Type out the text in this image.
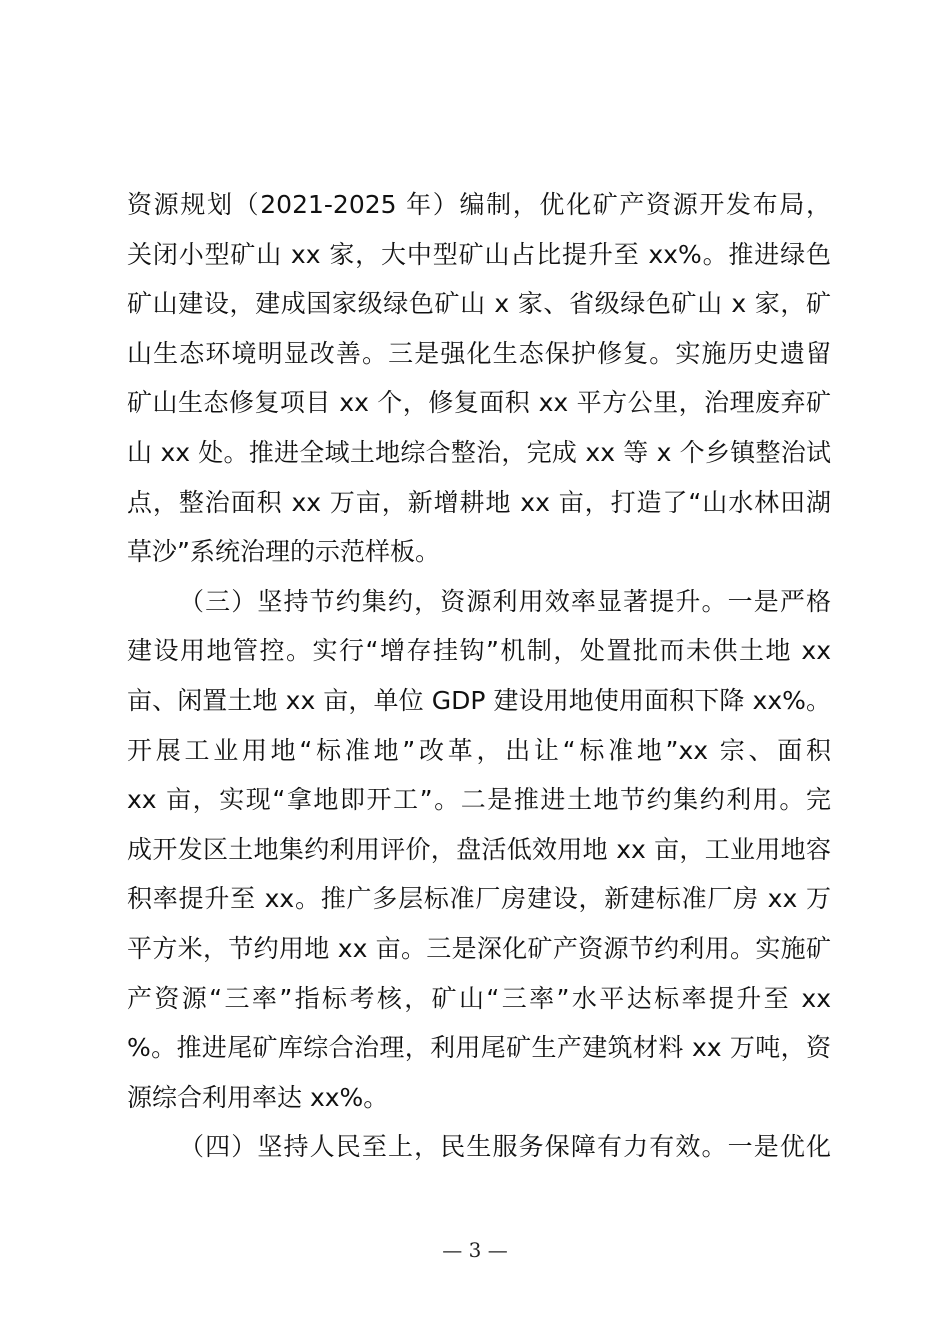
资源规划（2021-2025 年）编制，优化矿产资源开发布局，
关闭小型矿山 xx 家，大中型矿山占比提升至 xx%。推进绿色
矿山建设，建成国家级绿色矿山 x 家、省级绿色矿山 x 家，矿
山生态环境明显改善。三是强化生态保护修复。实施历史遗留
矿山生态修复项目 xx 个，修复面积 xx 平方公里，治理废弃矿
山 xx 处。推进全域土地综合整治，完成 xx 等 x 个乡镇整治试
点，整治面积 xx 万亩，新增耕地 xx 亩，打造了“山水林田湖
草沙”系统治理的示范样板。
（三）坚持节约集约，资源利用效率显著提升。一是严格
建设用地管控。实行“增存挂钩”机制，处置批而未供土地 xx
亩、闲置土地 xx 亩，单位 GDP 建设用地使用面积下降 xx%。
开展工业用地“标准地”改革，出让“标准地”xx 宗、面积
xx 亩，实现“拿地即开工”。二是推进土地节约集约利用。完
成开发区土地集约利用评价，盘活低效用地 xx 亩，工业用地容
积率提升至 xx。推广多层标准厂房建设，新建标准厂房 xx 万
平方米，节约用地 xx 亩。三是深化矿产资源节约利用。实施矿
产资源“三率”指标考核，矿山“三率”水平达标率提升至 xx
%。推进尾矿库综合治理，利用尾矿生产建筑材料 xx 万吨，资
源综合利用率达 xx%。
（四）坚持人民至上，民生服务保障有力有效。一是优化
— 3 —
